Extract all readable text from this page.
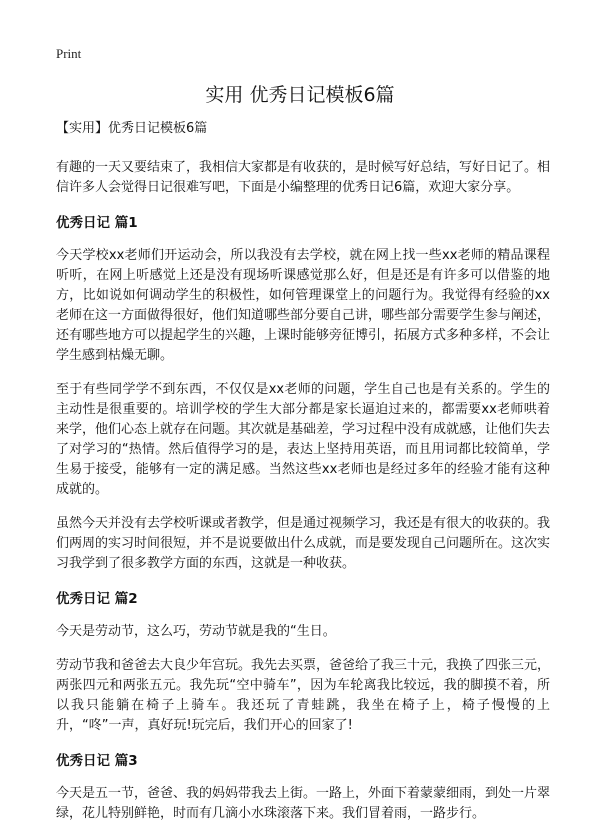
Print
实用 优秀日记模板6篇
【实用】优秀日记模板6篇

有趣的一天又要结束了，我相信大家都是有收获的，是时候写好总结，写好日记了。相信许多人会觉得日记很难写吧，下面是小编整理的优秀日记6篇，欢迎大家分享。

优秀日记 篇1

今天学校xx老师们开运动会，所以我没有去学校，就在网上找一些xx老师的精品课程听听，在网上听感觉上还是没有现场听课感觉那么好，但是还是有许多可以借鉴的地方，比如说如何调动学生的积极性，如何管理课堂上的问题行为。我觉得有经验的xx老师在这一方面做得很好，他们知道哪些部分要自己讲，哪些部分需要学生参与阐述，还有哪些地方可以提起学生的兴趣，上课时能够旁征博引，拓展方式多种多样，不会让学生感到枯燥无聊。

至于有些同学学不到东西，不仅仅是xx老师的问题，学生自己也是有关系的。学生的主动性是很重要的。培训学校的学生大部分都是家长逼迫过来的，都需要xx老师哄着来学，他们心态上就存在问题。其次就是基础差，学习过程中没有成就感，让他们失去了对学习的“热情。然后值得学习的是，表达上坚持用英语，而且用词都比较简单，学生易于接受，能够有一定的满足感。当然这些xx老师也是经过多年的经验才能有这种成就的。

虽然今天并没有去学校听课或者教学，但是通过视频学习，我还是有很大的收获的。我们两周的实习时间很短，并不是说要做出什么成就，而是要发现自己问题所在。这次实习我学到了很多教学方面的东西，这就是一种收获。

优秀日记 篇2

今天是劳动节，这么巧，劳动节就是我的“生日。

劳动节我和爸爸去大良少年宫玩。我先去买票，爸爸给了我三十元，我换了四张三元，两张四元和两张五元。我先玩“空中骑车”，因为车轮离我比较远，我的脚摸不着，所以我只能躺在椅子上骑车。我还玩了青蛙跳，我坐在椅子上，椅子慢慢的上升，“咚”一声，真好玩!玩完后，我们开心的回家了!

优秀日记 篇3

今天是五一节，爸爸、我的妈妈带我去上街。一路上，外面下着蒙蒙细雨，到处一片翠绿，花儿特别鲜艳，时而有几滴小水珠滚落下来。我们冒着雨，一路步行。
